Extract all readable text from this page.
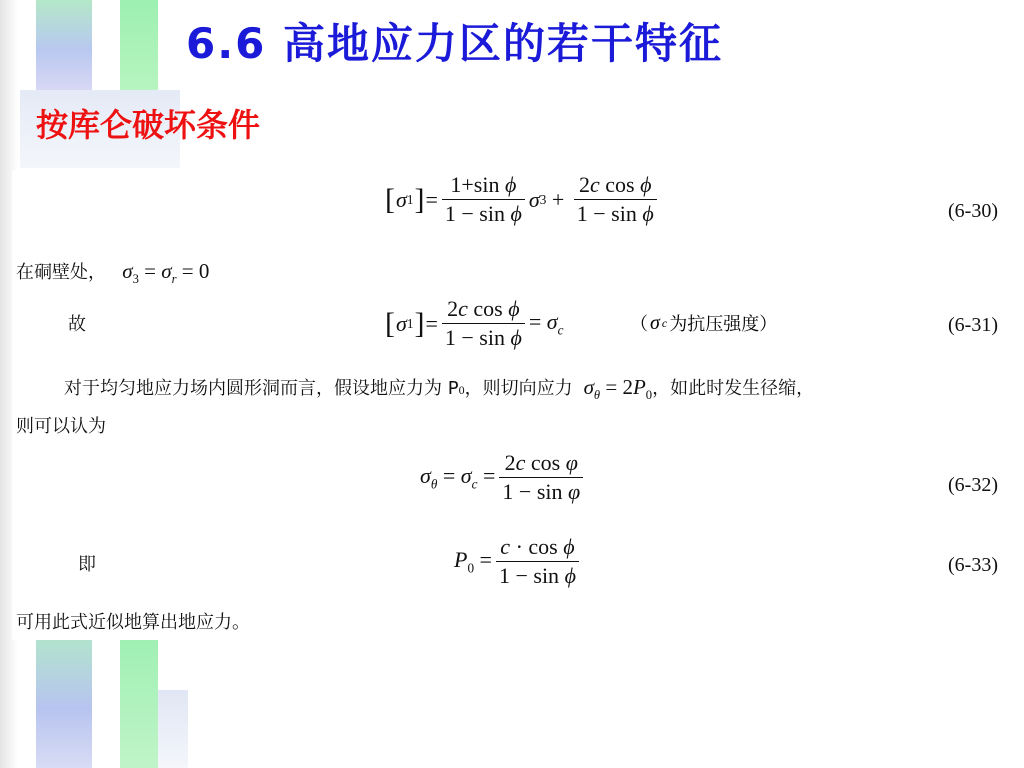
6.6 高地应力区的若干特征
按库仑破坏条件
[ σ 1 ] = $\frac{\text{1+sin ϕ}}{\text{1 − sin ϕ}}$ σ $3 + \frac{\text{2c cos ϕ}}{\text{1 − sin ϕ}}$	(6-30)
在硐壁处， $\sigma_3 = \sigma_r = 0$
故	[ σ 1 ] = $\frac{\text{2c cos ϕ}}{\text{1 − sin ϕ}} = \sigma_c$	（ σ c 为抗压强度）	(6-31)
对于均匀地应力场内圆形洞而言，假设地应力为 P0，则切向应力 $\sigma_\theta = 2P_0$，如此时发生径缩，
则可以认为
$\sigma_\theta = \sigma_c = \frac{\text{2c cos φ}}{\text{1 − sin φ}}$	(6-32)
即	$P_0 = \frac{\text{c · cos ϕ}}{\text{1 − sin ϕ}}$	(6-33)
可用此式近似地算出地应力。
